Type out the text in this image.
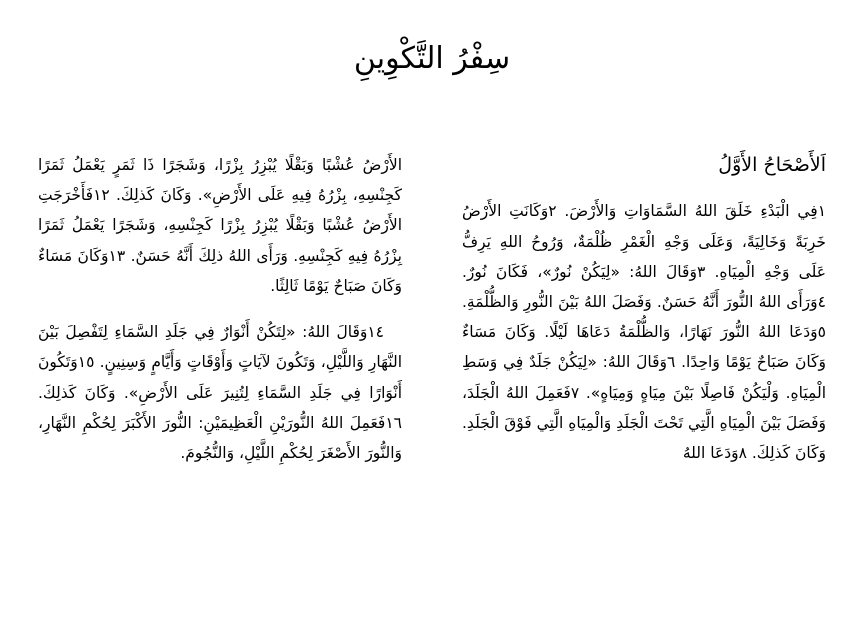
سِفْرُ التَّكْوِينِ
اَلأَصْحَاحُ الأَوَّلُ

١فِي الْبَدْءِ خَلَقَ اللهُ السَّمَاوَاتِ وَالأَرْضَ. ٢وَكَانَتِ الأَرْضُ خَرِبَةً وَخَالِيَةً، وَعَلَى وَجْهِ الْغَمْرِ ظُلْمَةٌ، وَرُوحُ اللهِ يَرِفُّ عَلَى وَجْهِ الْمِيَاهِ. ٣وَقَالَ اللهُ: «لِيَكُنْ نُورٌ»، فَكَانَ نُورٌ. ٤وَرَأَى اللهُ النُّورَ أَنَّهُ حَسَنٌ. وَفَصَلَ اللهُ بَيْنَ النُّورِ وَالظُّلْمَةِ. ٥وَدَعَا اللهُ النُّورَ نَهَارًا، وَالظُّلْمَةُ دَعَاهَا لَيْلًا. وَكَانَ مَسَاءٌ وَكَانَ صَبَاحٌ يَوْمًا وَاحِدًا. ٦وَقَالَ اللهُ: «لِيَكُنْ جَلَدٌ فِي وَسَطِ الْمِيَاهِ. وَلْيَكُنْ فَاصِلًا بَيْنَ مِيَاهٍ وَمِيَاهٍ». ٧فَعَمِلَ اللهُ الْجَلَدَ، وَفَصَلَ بَيْنَ الْمِيَاهِ الَّتِي تَحْتَ الْجَلَدِ وَالْمِيَاهِ الَّتِي فَوْقَ الْجَلَدِ. وَكَانَ كَذلِكَ. ٨وَدَعَا اللهُ

الأَرْضُ عُشْبًا وَبَقْلًا يُبْزِرُ بِزْرًا، وَشَجَرًا ذَا ثَمَرٍ يَعْمَلُ ثَمَرًا كَجِنْسِهِ، بِزْرُهُ فِيهِ عَلَى الأَرْضِ». وَكَانَ كَذلِكَ. ١٢فَأَخْرَجَتِ الأَرْضُ عُشْبًا وَبَقْلًا يُبْزِرُ بِزْرًا كَجِنْسِهِ، وَشَجَرًا يَعْمَلُ ثَمَرًا بِزْرُهُ فِيهِ كَجِنْسِهِ. وَرَأَى اللهُ ذلِكَ أَنَّهُ حَسَنٌ. ١٣وَكَانَ مَسَاءٌ وَكَانَ صَبَاحٌ يَوْمًا ثَالِثًا.

١٤وَقَالَ اللهُ: «لِتَكُنْ أَنْوَارٌ فِي جَلَدِ السَّمَاءِ لِتَفْصِلَ بَيْنَ النَّهَارِ وَاللَّيْلِ، وَتَكُونَ لآيَاتٍ وَأَوْقَاتٍ وَأَيَّامٍ وَسِنِينٍ. ١٥وَتَكُونَ أَنْوَارًا فِي جَلَدِ السَّمَاءِ لِتُنِيرَ عَلَى الأَرْضِ». وَكَانَ كَذلِكَ. ١٦فَعَمِلَ اللهُ النُّورَيْنِ الْعَظِيمَيْنِ: النُّورَ الأَكْبَرَ لِحُكْمِ النَّهَارِ، وَالنُّورَ الأَصْغَرَ لِحُكْمِ اللَّيْلِ، وَالنُّجُومَ.
